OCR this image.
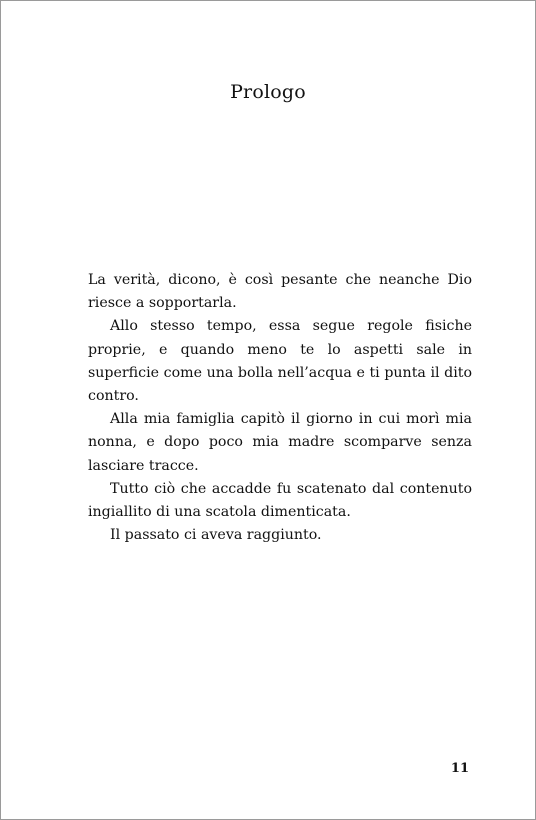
Prologo

La verità, dicono, è così pesante che neanche Dio riesce a sopportarla.

Allo stesso tempo, essa segue regole fisiche proprie, e quando meno te lo aspetti sale in superficie come una bolla nell’acqua e ti punta il dito contro.

Alla mia famiglia capitò il giorno in cui morì mia nonna, e dopo poco mia madre scomparve senza lasciare tracce.

Tutto ciò che accadde fu scatenato dal contenuto ingiallito di una scatola dimenticata.

Il passato ci aveva raggiunto.

11
